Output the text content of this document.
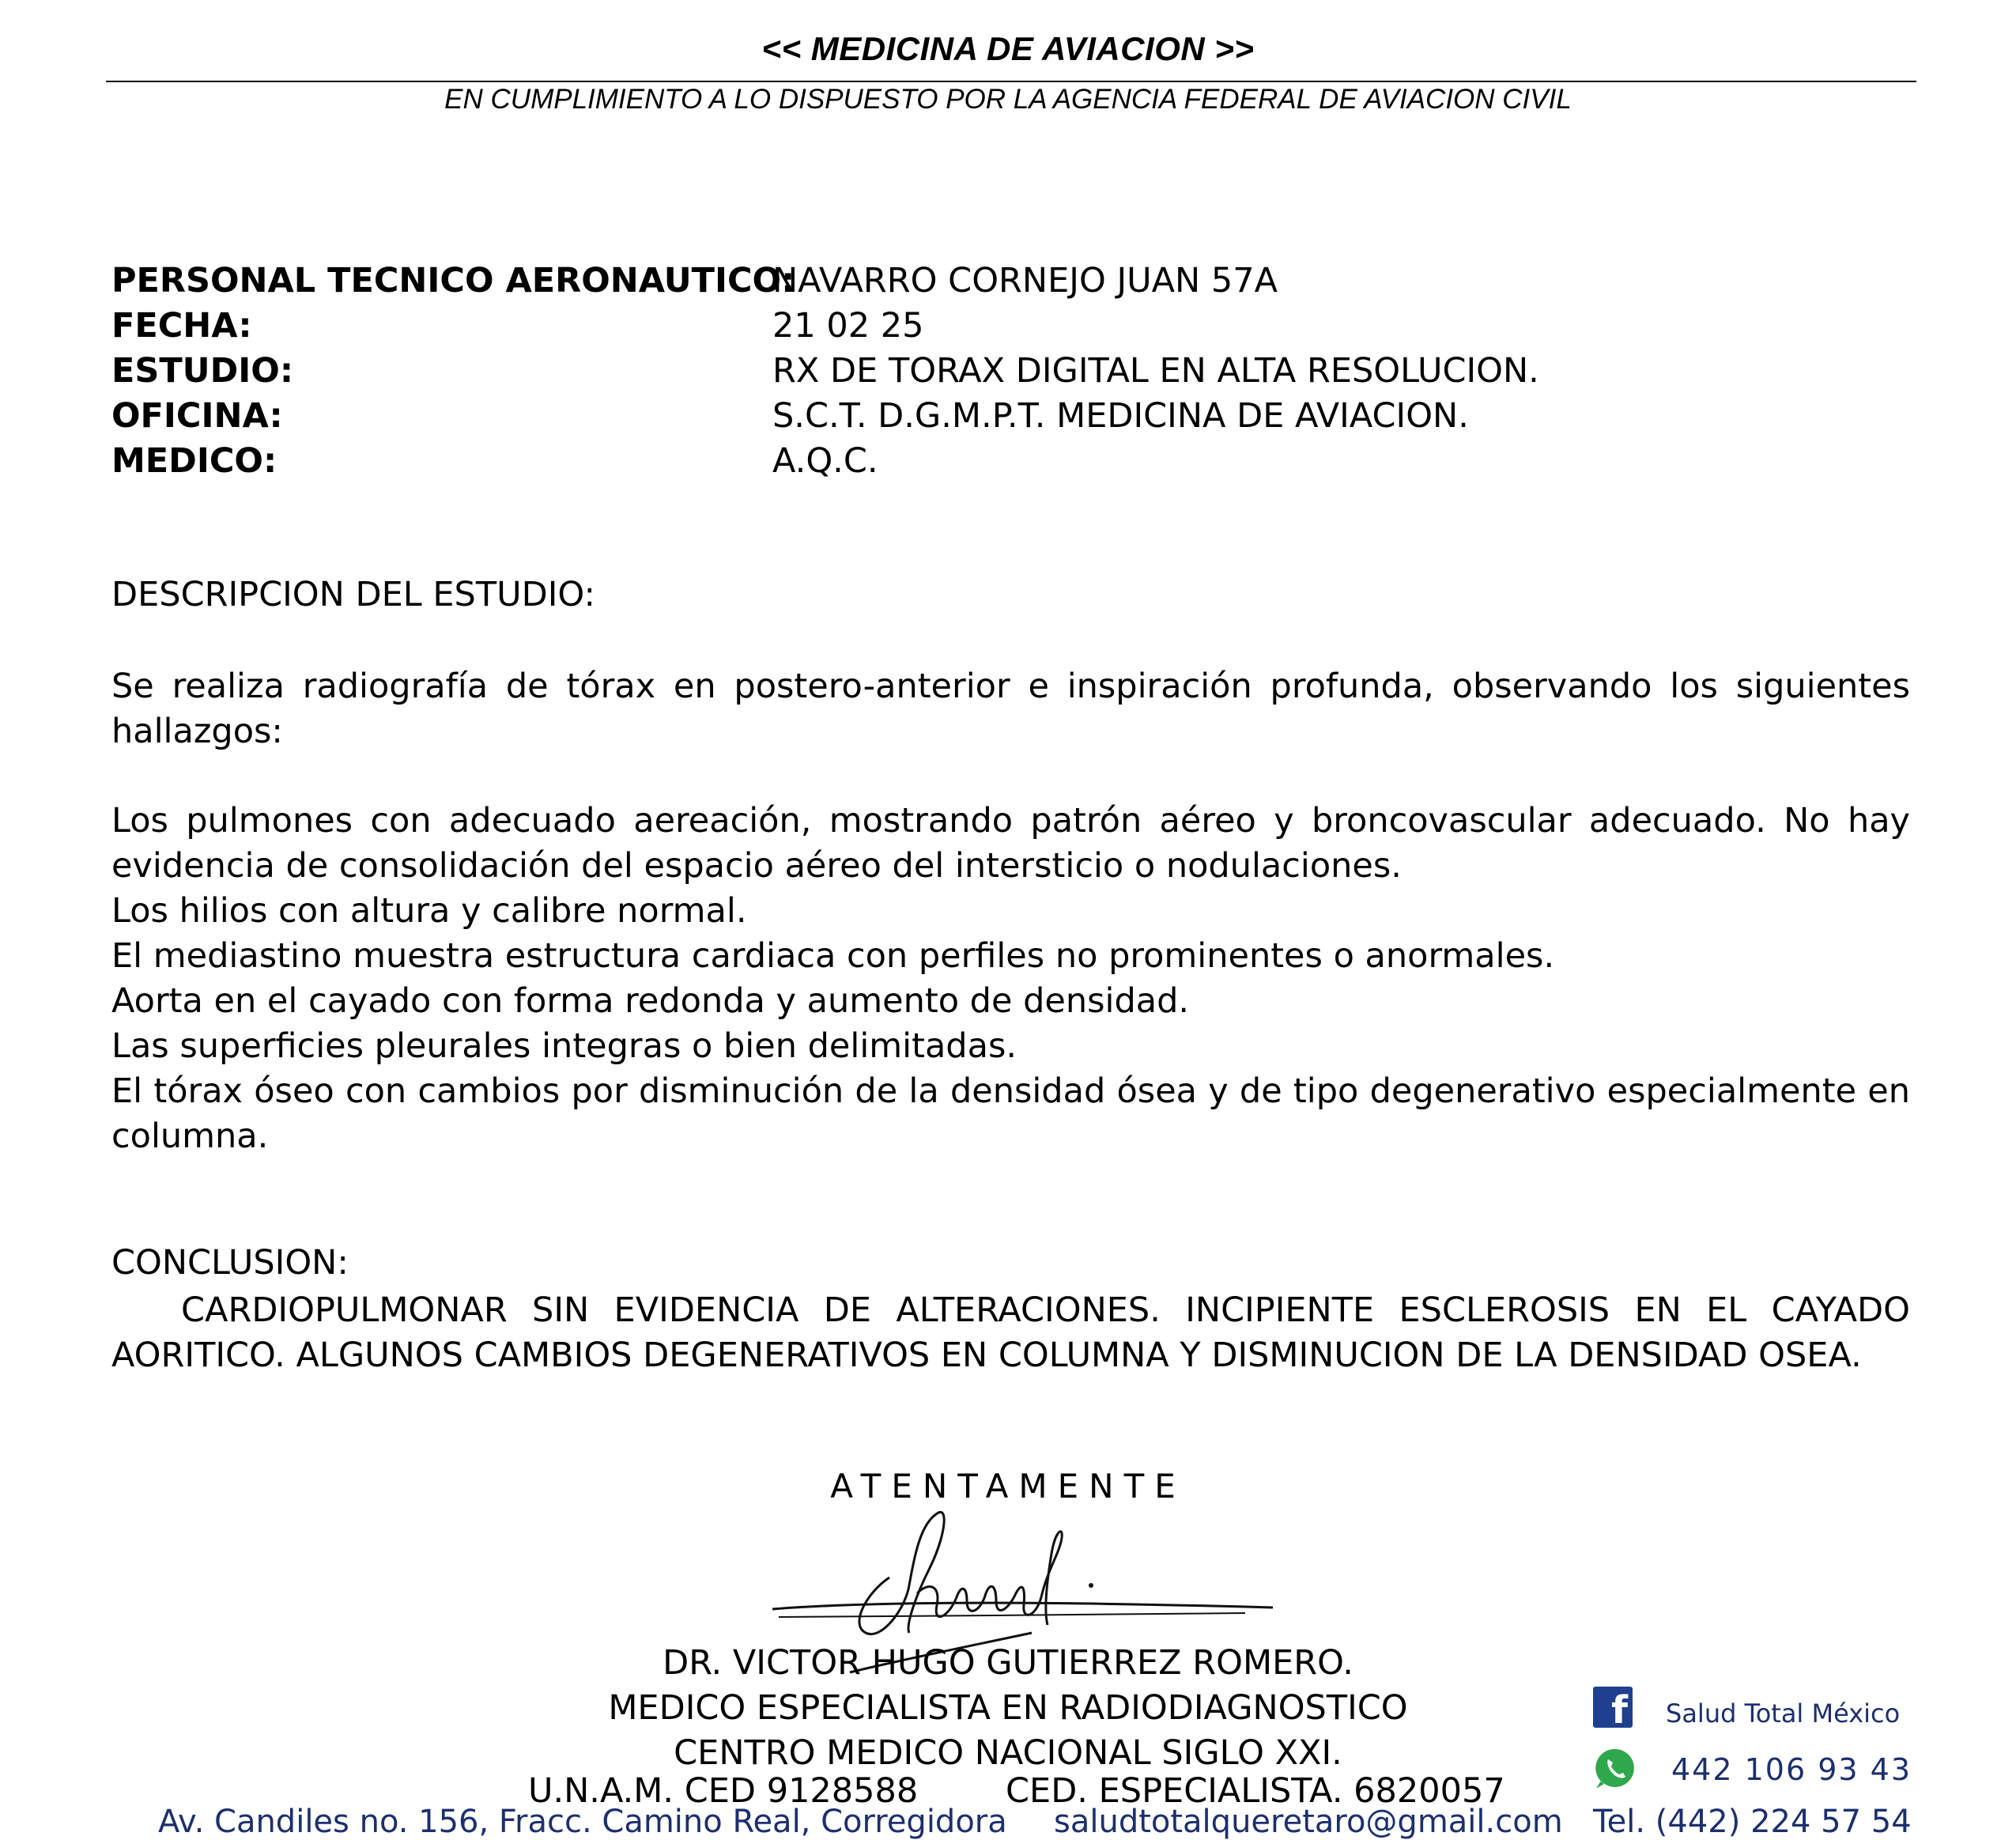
<< MEDICINA DE AVIACION >>
EN CUMPLIMIENTO A LO DISPUESTO POR LA AGENCIA FEDERAL DE AVIACION CIVIL
PERSONAL TECNICO AERONAUTICO:
NAVARRO CORNEJO JUAN 57A
FECHA:	21 02 25
ESTUDIO:	RX DE TORAX DIGITAL EN ALTA RESOLUCION.
OFICINA:	S.C.T. D.G.M.P.T. MEDICINA DE AVIACION.
MEDICO:	A.Q.C.
DESCRIPCION DEL ESTUDIO:

Se realiza radiografía de tórax en postero-anterior e inspiración profunda, observando los siguientes hallazgos:

Los pulmones con adecuado aereación, mostrando patrón aéreo y broncovascular adecuado. No hay evidencia de consolidación del espacio aéreo del intersticio o nodulaciones.

Los hilios con altura y calibre normal.

El mediastino muestra estructura cardiaca con perfiles no prominentes o anormales.

Aorta en el cayado con forma redonda y aumento de densidad.

Las superficies pleurales integras o bien delimitadas.

El tórax óseo con cambios por disminución de la densidad ósea y de tipo degenerativo especialmente en columna.

CONCLUSION:

CARDIOPULMONAR SIN EVIDENCIA DE ALTERACIONES. INCIPIENTE ESCLEROSIS EN EL CAYADO AORITICO. ALGUNOS CAMBIOS DEGENERATIVOS EN COLUMNA Y DISMINUCION DE LA DENSIDAD OSEA.

ATENTAMENTE
DR. VICTOR HUGO GUTIERREZ ROMERO.
MEDICO ESPECIALISTA EN RADIODIAGNOSTICO
CENTRO MEDICO NACIONAL SIGLO XXI.
U.N.A.M. CED 9128588	CED. ESPECIALISTA. 6820057
f Salud Total México
442 106 93 43
Av. Candiles no. 156, Fracc. Camino Real, Corregidora saludtotalqueretaro@gmail.com Tel. (442) 224 57 54
